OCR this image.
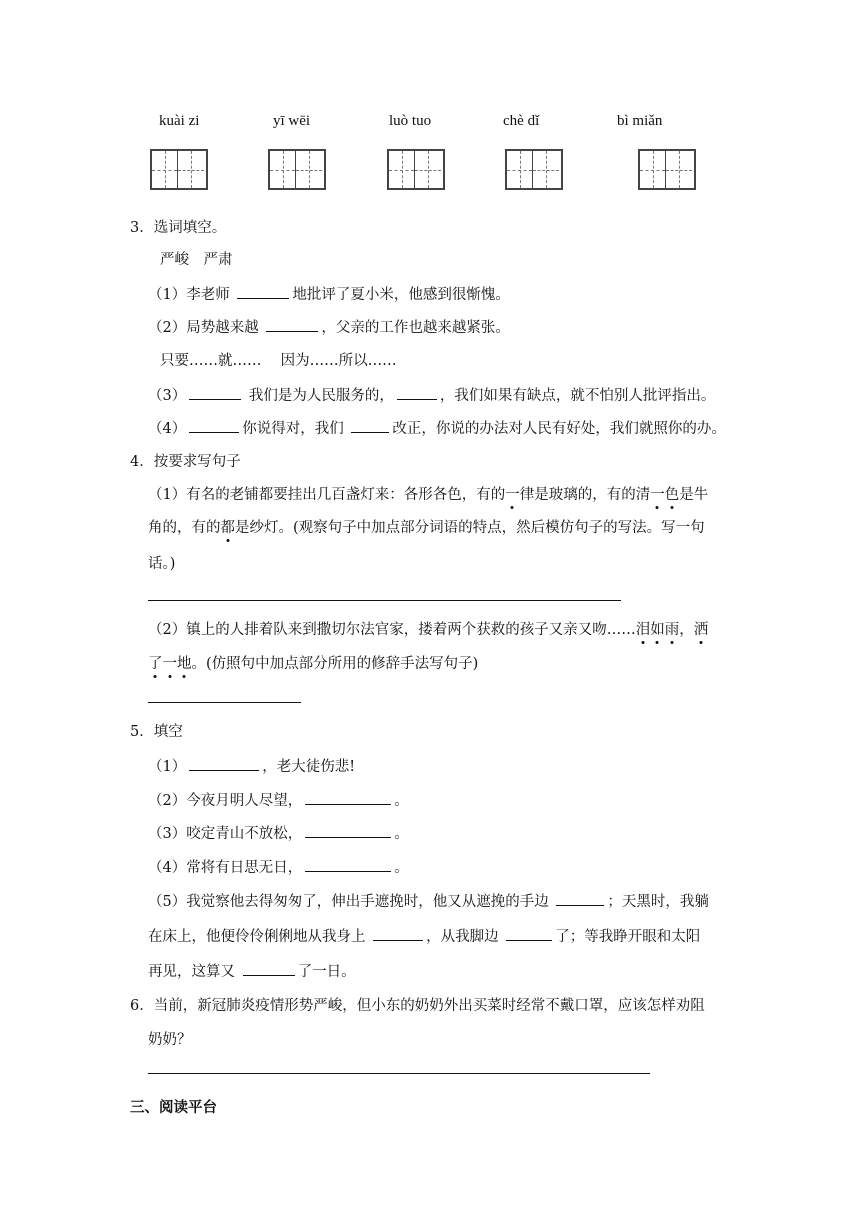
kuài zi	yī wēi	luò tuo	chè dǐ	bì miǎn
3．选词填空。
严峻　严肃
（1）李老师	地批评了夏小米，他感到很惭愧。
（2）局势越来越	，父亲的工作也越来越紧张。
只要……就……　 因为……所以……
（3）	我们是为人民服务的，	，我们如果有缺点，就不怕别人批评指出。
（4）	你说得对，我们	改正，你说的办法对人民有好处，我们就照你的办。
4．按要求写句子
（1）有名的老铺都要挂出几百盏灯来：各形各色，有的一律是玻璃的，有的清一色是牛
角的，有的都是纱灯。(观察句子中加点部分词语的特点，然后模仿句子的写法。写一句
话。)
（2）镇上的人排着队来到撒切尔法官家，搂着两个获救的孩子又亲又吻……泪如雨，洒
了一地。(仿照句中加点部分所用的修辞手法写句子)
5．填空
（1）	，老大徒伤悲!
（2）今夜月明人尽望，	。
（3）咬定青山不放松，	。
（4）常将有日思无日，	。
（5）我觉察他去得匆匆了，伸出手遮挽时，他又从遮挽的手边	；天黑时，我躺
在床上，他便伶伶俐俐地从我身上	，从我脚边	了；等我睁开眼和太阳
再见，这算又	了一日。
6．当前，新冠肺炎疫情形势严峻，但小东的奶奶外出买菜时经常不戴口罩，应该怎样劝阻
奶奶？
三、阅读平台
